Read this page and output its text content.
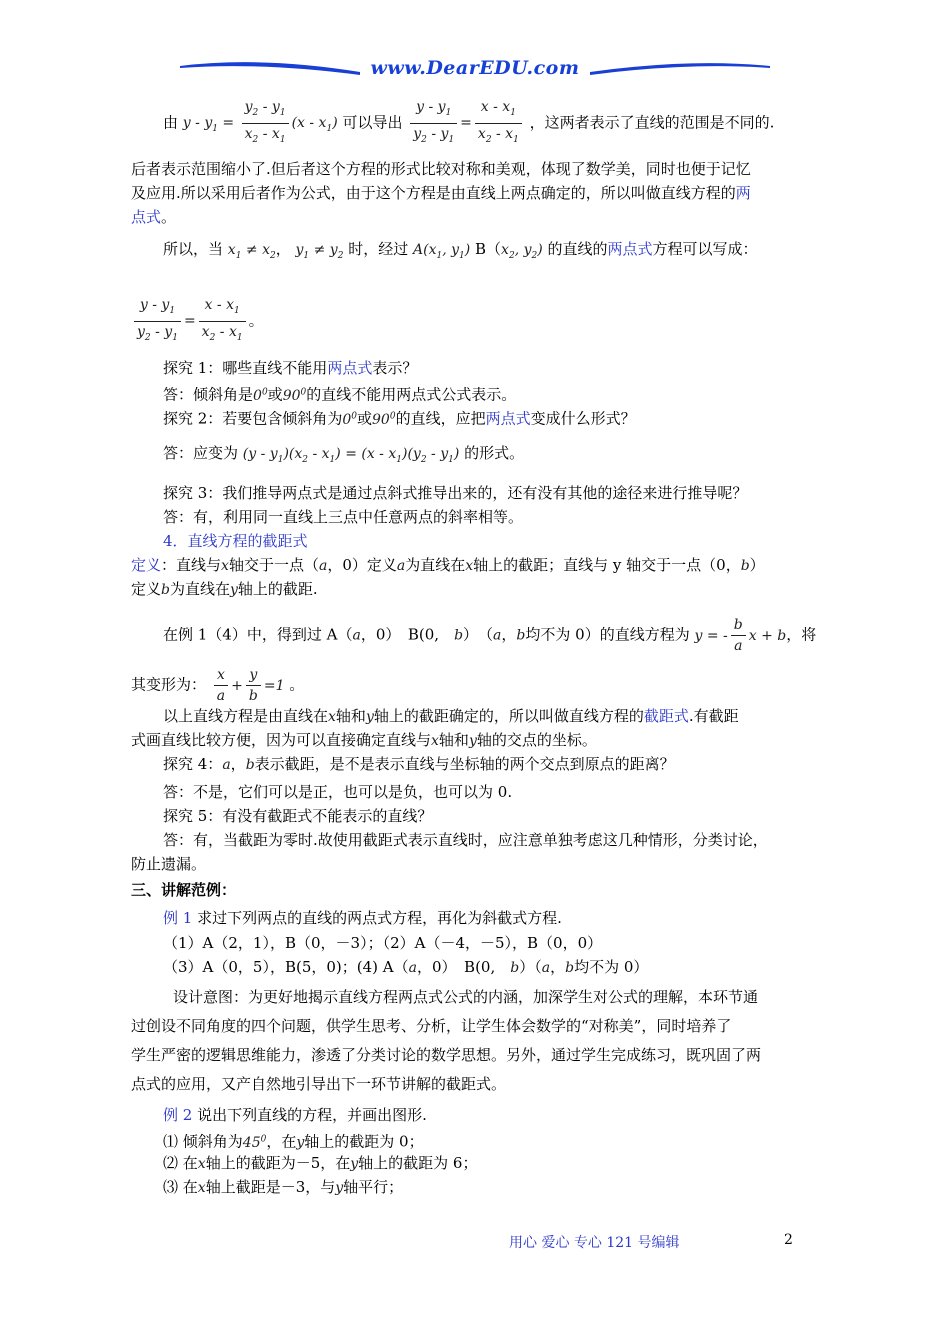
www.DearEDU.com
由 $y - y_1 = \frac{y_2 - y_1}{x_2 - x_1} (x - x_1)$ 可以导出 $\frac{y - y_1}{y_2 - y_1} = \frac{x - x_1}{x_2 - x_1}$ ，这两者表示了直线的范围是不同的.
后者表示范围缩小了.但后者这个方程的形式比较对称和美观，体现了数学美，同时也便于记忆
及应用.所以采用后者作为公式，由于这个方程是由直线上两点确定的，所以叫做直线方程的两
点式。
所以，当 $x_1 \ne x_2$， $y_1 \ne y_2$ 时，经过 $A(x_1$, $y_1$) $B(x_2$, $y_2$) 的直线的两点式方程可以写成：
$\frac{y - y_1}{y_2 - y_1} = \frac{x - x_1}{x_2 - x_1}$ 。
探究 1：哪些直线不能用两点式表示？
答：倾斜角是$0^0$或$90^0$的直线不能用两点式公式表示。
探究 2：若要包含倾斜角为$0^0$或$90^0$的直线，应把两点式变成什么形式？
答：应变为 $(y - y_1)(x_2 - x_1) = (x - x_1)(y_2 - y_1)$ 的形式。
探究 3：我们推导两点式是通过点斜式推导出来的，还有没有其他的途径来进行推导呢？
答：有，利用同一直线上三点中任意两点的斜率相等。
4．直线方程的截距式
定义：直线与x轴交于一点（a，0）定义a为直线在x轴上的截距；直线与 y 轴交于一点（0，b）
定义b为直线在y轴上的截距.
在例 1（4）中，得到过 A（a，0）　B(0,　b）　（a，b均不为 0）的直线方程为 y = - $\frac{b}{a}$ x + b，将
其变形为： $\frac{x}{a} + \frac{y}{b} =1$ 。
以上直线方程是由直线在x轴和y轴上的截距确定的，所以叫做直线方程的截距式.有截距
式画直线比较方便，因为可以直接确定直线与x轴和y轴的交点的坐标。
探究 4：a，b表示截距，是不是表示直线与坐标轴的两个交点到原点的距离？
答：不是，它们可以是正，也可以是负，也可以为 0.
探究 5：有没有截距式不能表示的直线？
答：有，当截距为零时.故使用截距式表示直线时，应注意单独考虑这几种情形，分类讨论，
防止遗漏。
三、讲解范例：
例 1 求过下列两点的直线的两点式方程，再化为斜截式方程.
（1）A（2，1），B（0，－3）；（2）A（－4，－5），B（0，0）
（3）A（0，5），B(5，0)；(4) A（a，0）　B(0,　b）（a，b均不为 0）
设计意图：为更好地揭示直线方程两点式公式的内涵，加深学生对公式的理解，本环节通
过创设不同角度的四个问题，供学生思考、分析，让学生体会数学的“对称美”，同时培养了
学生严密的逻辑思维能力，渗透了分类讨论的数学思想。另外，通过学生完成练习，既巩固了两
点式的应用，又产自然地引导出下一环节讲解的截距式。
例 2 说出下列直线的方程，并画出图形.
⑴ 倾斜角为$45^0$，在y轴上的截距为 0；
⑵ 在x轴上的截距为－5，在y轴上的截距为 6；
⑶ 在x轴上截距是－3，与y轴平行；
用心 爱心 专心 121 号编辑	2
